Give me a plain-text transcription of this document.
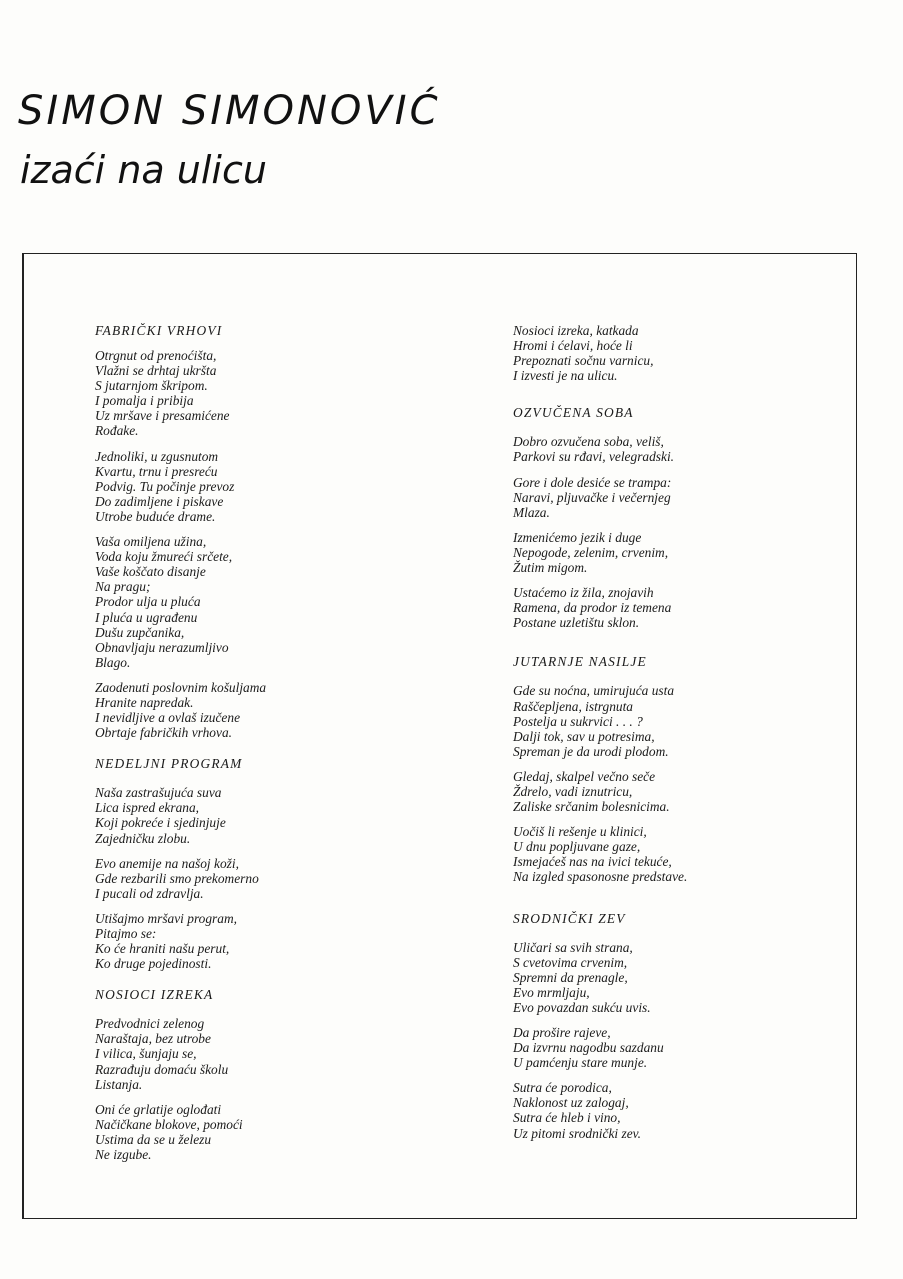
SIMON SIMONOVIĆ
izaći na ulicu
FABRIČKI VRHOVI

Otrgnut od prenoćišta,
Vlažni se drhtaj ukršta
S jutarnjom škripom.
I pomalja i pribija
Uz mršave i presamićene
Rođake.

Jednoliki, u zgusnutom
Kvartu, trnu i presreću
Podvig. Tu počinje prevoz
Do zadimljene i piskave
Utrobe buduće drame.

Vaša omiljena užina,
Voda koju žmureći srčete,
Vaše koščato disanje
Na pragu;
Prodor ulja u pluća
I pluća u ugrađenu
Dušu zupčanika,
Obnavljaju nerazumljivo
Blago.

Zaodenuti poslovnim košuljama
Hranite napredak.
I nevidljive a ovlaš izučene
Obrtaje fabričkih vrhova.

NEDELJNI PROGRAM

Naša zastrašujuća suva
Lica ispred ekrana,
Koji pokreće i sjedinjuje
Zajedničku zlobu.

Evo anemije na našoj koži,
Gde rezbarili smo prekomerno
I pucali od zdravlja.

Utišajmo mršavi program,
Pitajmo se:
Ko će hraniti našu perut,
Ko druge pojedinosti.

NOSIOCI IZREKA

Predvodnici zelenog
Naraštaja, bez utrobe
I vilica, šunjaju se,
Razrađuju domaću školu
Listanja.

Oni će grlatije oglođati
Načičkane blokove, pomoći
Ustima da se u železu
Ne izgube.

Nosioci izreka, katkada
Hromi i ćelavi, hoće li
Prepoznati sočnu varnicu,
I izvesti je na ulicu.

OZVUČENA SOBA

Dobro ozvučena soba, veliš,
Parkovi su rđavi, velegradski.

Gore i dole desiće se trampa:
Naravi, pljuvačke i večernjeg
Mlaza.

Izmenićemo jezik i duge
Nepogode, zelenim, crvenim,
Žutim migom.

Ustaćemo iz žila, znojavih
Ramena, da prodor iz temena
Postane uzletištu sklon.

JUTARNJE NASILJE

Gde su noćna, umirujuća usta
Raščepljena, istrgnuta
Postelja u sukrvici . . . ?
Dalji tok, sav u potresima,
Spreman je da urodi plodom.

Gledaj, skalpel večno seče
Ždrelo, vadi iznutricu,
Zaliske srčanim bolesnicima.

Uočiš li rešenje u klinici,
U dnu popljuvane gaze,
Ismejaćeš nas na ivici tekuće,
Na izgled spasonosne predstave.

SRODNIČKI ZEV

Uličari sa svih strana,
S cvetovima crvenim,
Spremni da prenagle,
Evo mrmljaju,
Evo povazdan sukću uvis.

Da prošire rajeve,
Da izvrnu nagodbu sazdanu
U pamćenju stare munje.

Sutra će porodica,
Naklonost uz zalogaj,
Sutra će hleb i vino,
Uz pitomi srodnički zev.
